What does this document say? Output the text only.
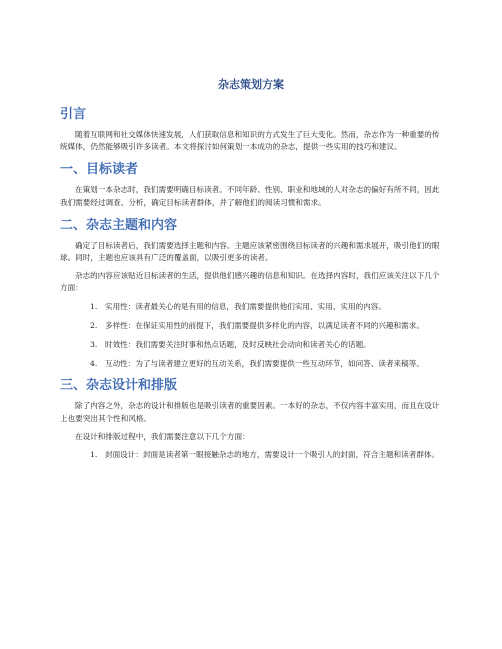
杂志策划方案
引言

随着互联网和社交媒体快速发展，人们获取信息和知识的方式发生了巨大变化。然而，杂志作为一种重要的传统媒体，仍然能够吸引许多读者。本文将探讨如何策划一本成功的杂志，提供一些实用的技巧和建议。

一、目标读者

在策划一本杂志时，我们需要明确目标读者。不同年龄、性别、职业和地域的人对杂志的偏好有所不同，因此我们需要经过调查、分析，确定目标读者群体，并了解他们的阅读习惯和需求。

二、杂志主题和内容

确定了目标读者后，我们需要选择主题和内容。主题应该紧密围绕目标读者的兴趣和需求展开，吸引他们的眼球。同时，主题也应该具有广泛的覆盖面，以吸引更多的读者。

杂志的内容应该贴近目标读者的生活，提供他们感兴趣的信息和知识。在选择内容时，我们应该关注以下几个方面：

1. 实用性：读者最关心的是有用的信息，我们需要提供他们实用、实用、实用的内容。
2. 多样性：在保证实用性的前提下，我们需要提供多样化的内容，以满足读者不同的兴趣和需求。
3. 时效性：我们需要关注时事和热点话题，及时反映社会动向和读者关心的话题。
4. 互动性：为了与读者建立更好的互动关系，我们需要提供一些互动环节，如问答、读者来稿等。
三、杂志设计和排版

除了内容之外，杂志的设计和排版也是吸引读者的重要因素。一本好的杂志，不仅内容丰富实用，而且在设计上也要突出其个性和风格。

在设计和排版过程中，我们需要注意以下几个方面：

1. 封面设计：封面是读者第一眼接触杂志的地方，需要设计一个吸引人的封面，符合主题和读者群体。
